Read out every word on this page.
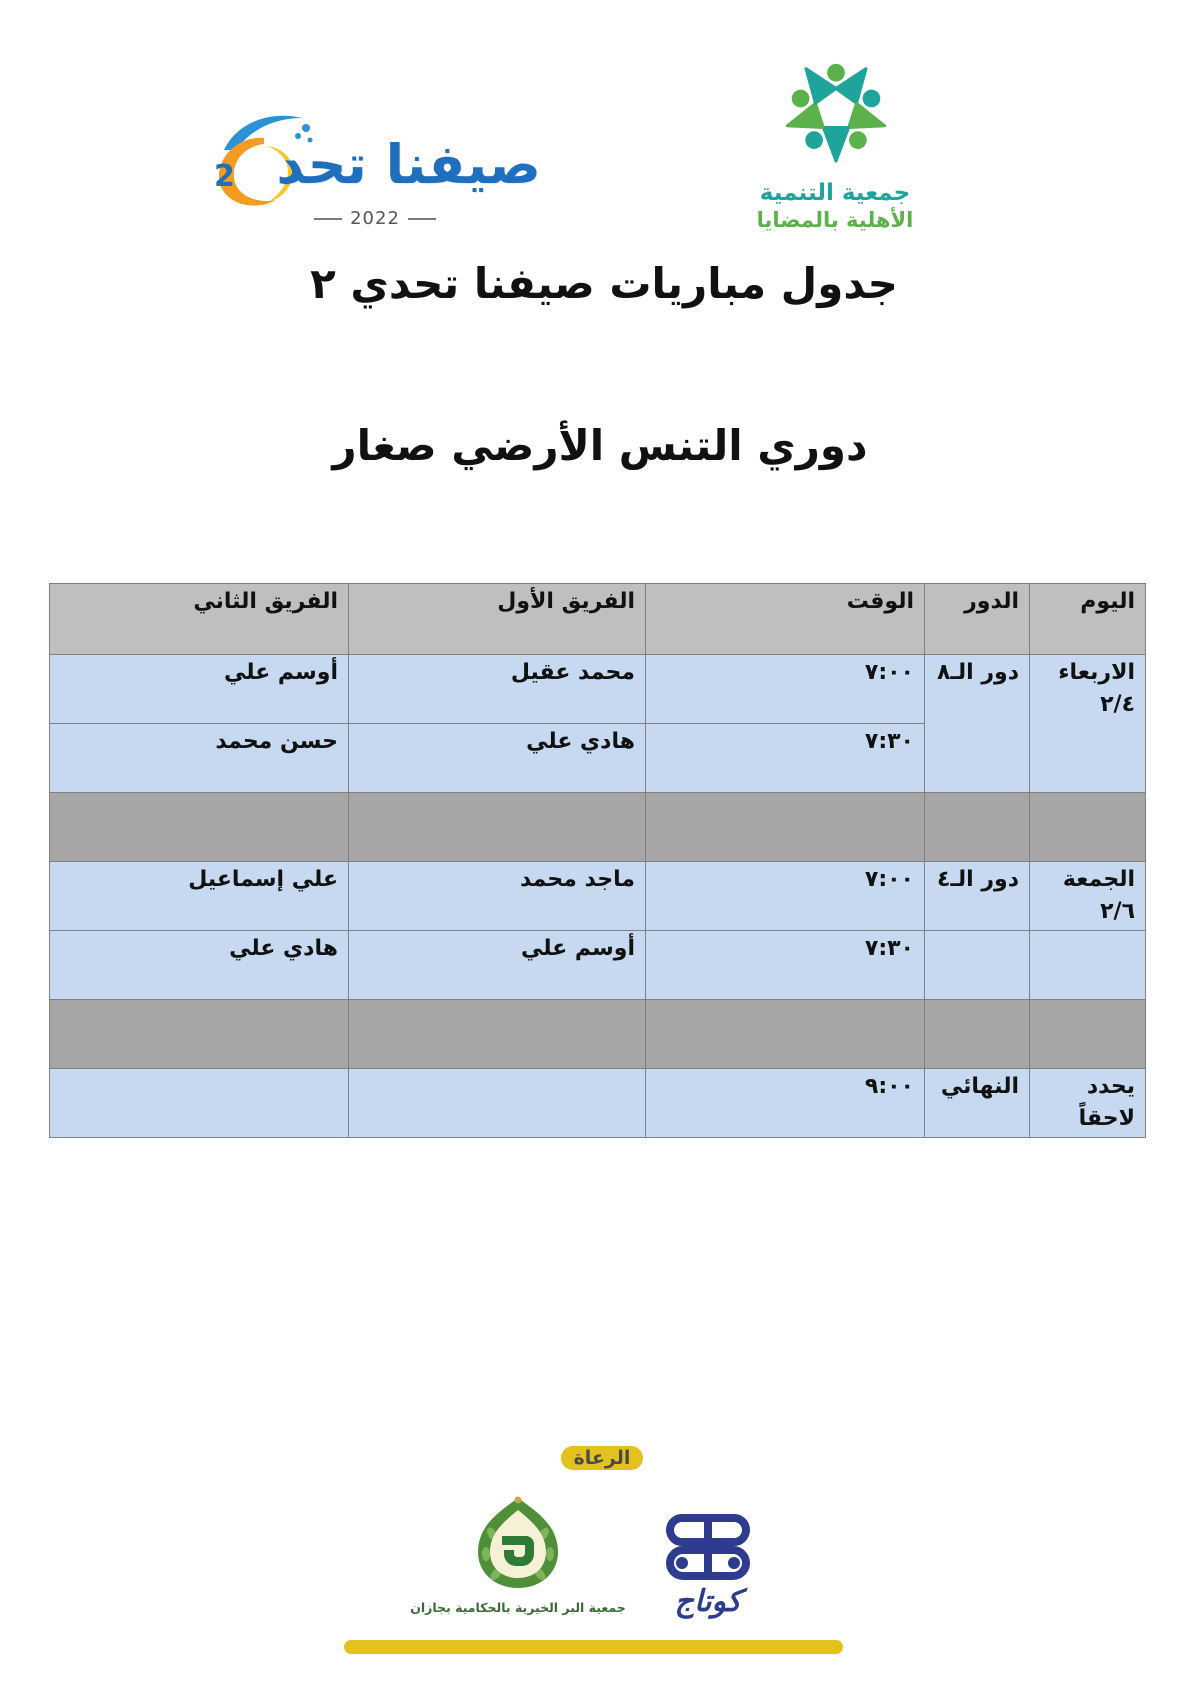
2 صيفنا تحد
2022
جمعية التنمية
الأهلية بالمضايا
جدول مباريات صيفنا تحدي ٢
دوري التنس الأرضي صغار
اليوم	الدور	الوقت	الفريق الأول	الفريق الثاني

الاربعاء
٢/٤	دور الـ٨	٧:٠٠	محمد عقيل	أوسم علي
		٧:٣٠	هادي علي	حسن محمد

الجمعة
٢/٦	دور الـ٤	٧:٠٠	ماجد محمد	علي إسماعيل
		٧:٣٠	أوسم علي	هادي علي

يحدد
لاحقاً	النهائي	٩:٠٠		
الرعاة
جمعية البر الخيرية بالحكامية بجازان	كوتاج
